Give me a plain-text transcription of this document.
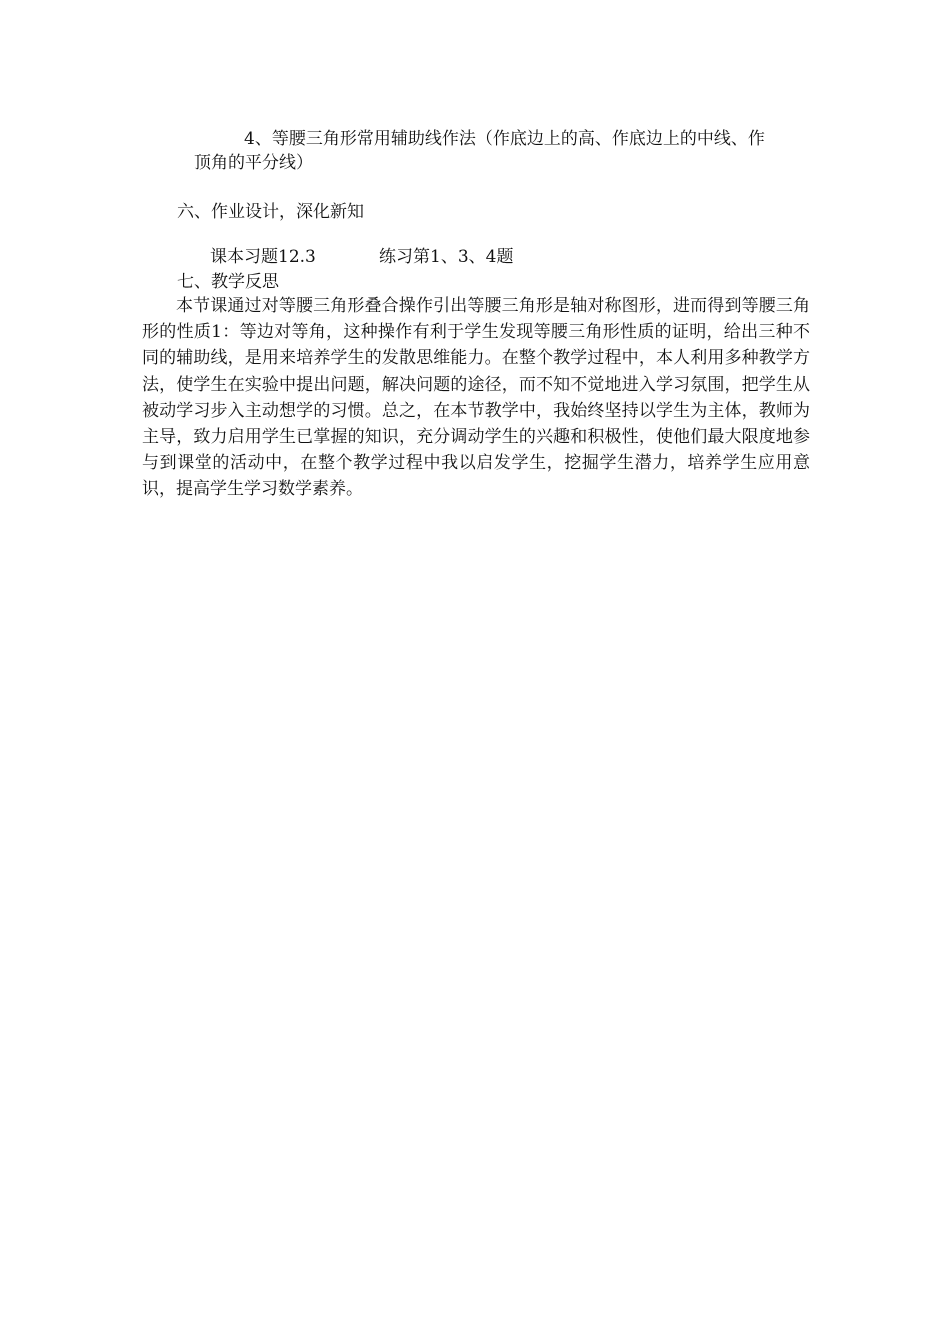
4、等腰三角形常用辅助线作法（作底边上的高、作底边上的中线、作
顶角的平分线）
六、作业设计，深化新知
课本习题12.3	练习第1、3、4题
七、教学反思
本节课通过对等腰三角形叠合操作引出等腰三角形是轴对称图形，进而得到等腰三角形的性质1：等边对等角，这种操作有利于学生发现等腰三角形性质的证明，给出三种不同的辅助线，是用来培养学生的发散思维能力。在整个教学过程中，本人利用多种教学方法，使学生在实验中提出问题，解决问题的途径，而不知不觉地进入学习氛围，把学生从被动学习步入主动想学的习惯。总之，在本节教学中，我始终坚持以学生为主体，教师为主导，致力启用学生已掌握的知识，充分调动学生的兴趣和积极性，使他们最大限度地参与到课堂的活动中，在整个教学过程中我以启发学生，挖掘学生潜力，培养学生应用意识，提高学生学习数学素养。
